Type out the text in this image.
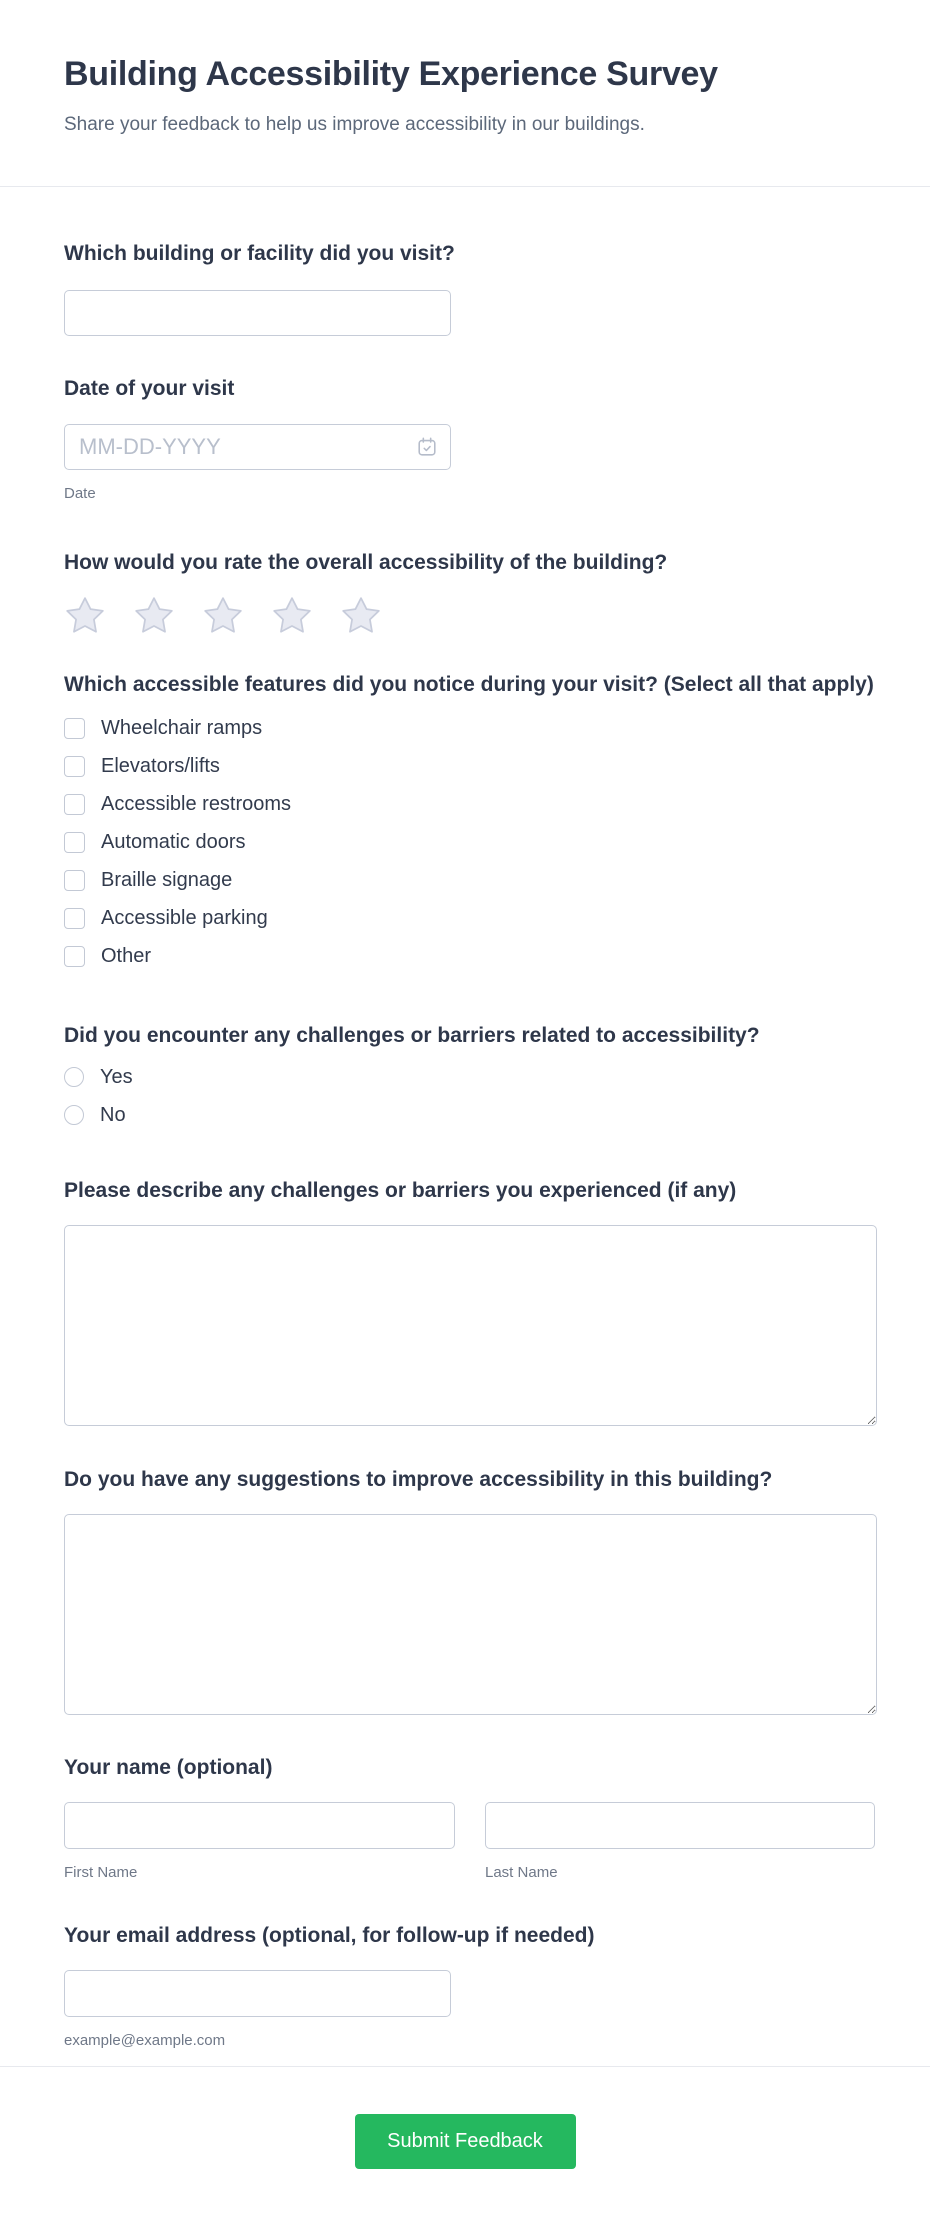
Building Accessibility Experience Survey
Share your feedback to help us improve accessibility in our buildings.
Which building or facility did you visit?
Date of your visit
MM-DD-YYYY
Date
How would you rate the overall accessibility of the building?
Which accessible features did you notice during your visit? (Select all that apply)
Wheelchair ramps
Elevators/lifts
Accessible restrooms
Automatic doors
Braille signage
Accessible parking
Other
Did you encounter any challenges or barriers related to accessibility?
Yes
No
Please describe any challenges or barriers you experienced (if any)
Do you have any suggestions to improve accessibility in this building?
Your name (optional)
First Name	Last Name
Your email address (optional, for follow-up if needed)
example@example.com
Submit Feedback
